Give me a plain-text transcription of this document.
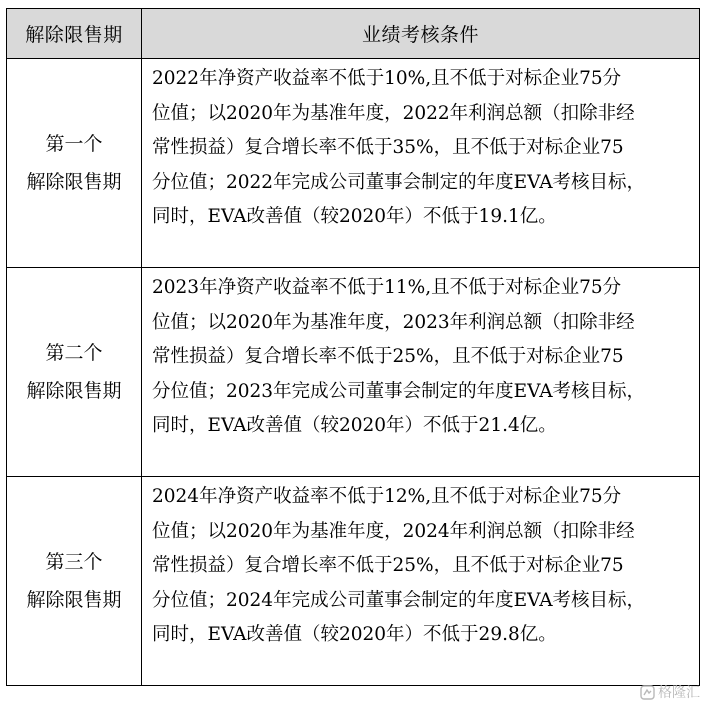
解除限售期	业绩考核条件

第一个
解除限售期	2022年净资产收益率不低于10%,且不低于对标企业75分
位值；以2020年为基准年度，2022年利润总额（扣除非经
常性损益）复合增长率不低于35%，且不低于对标企业75
分位值；2022年完成公司董事会制定的年度EVA考核目标，
同时，EVA改善值（较2020年）不低于19.1亿。

第二个
解除限售期	2023年净资产收益率不低于11%,且不低于对标企业75分
位值；以2020年为基准年度，2023年利润总额（扣除非经
常性损益）复合增长率不低于25%，且不低于对标企业75
分位值；2023年完成公司董事会制定的年度EVA考核目标，
同时，EVA改善值（较2020年）不低于21.4亿。

第三个
解除限售期	2024年净资产收益率不低于12%,且不低于对标企业75分
位值；以2020年为基准年度，2024年利润总额（扣除非经
常性损益）复合增长率不低于25%，且不低于对标企业75
分位值；2024年完成公司董事会制定的年度EVA考核目标，
同时，EVA改善值（较2020年）不低于29.8亿。
格隆汇
